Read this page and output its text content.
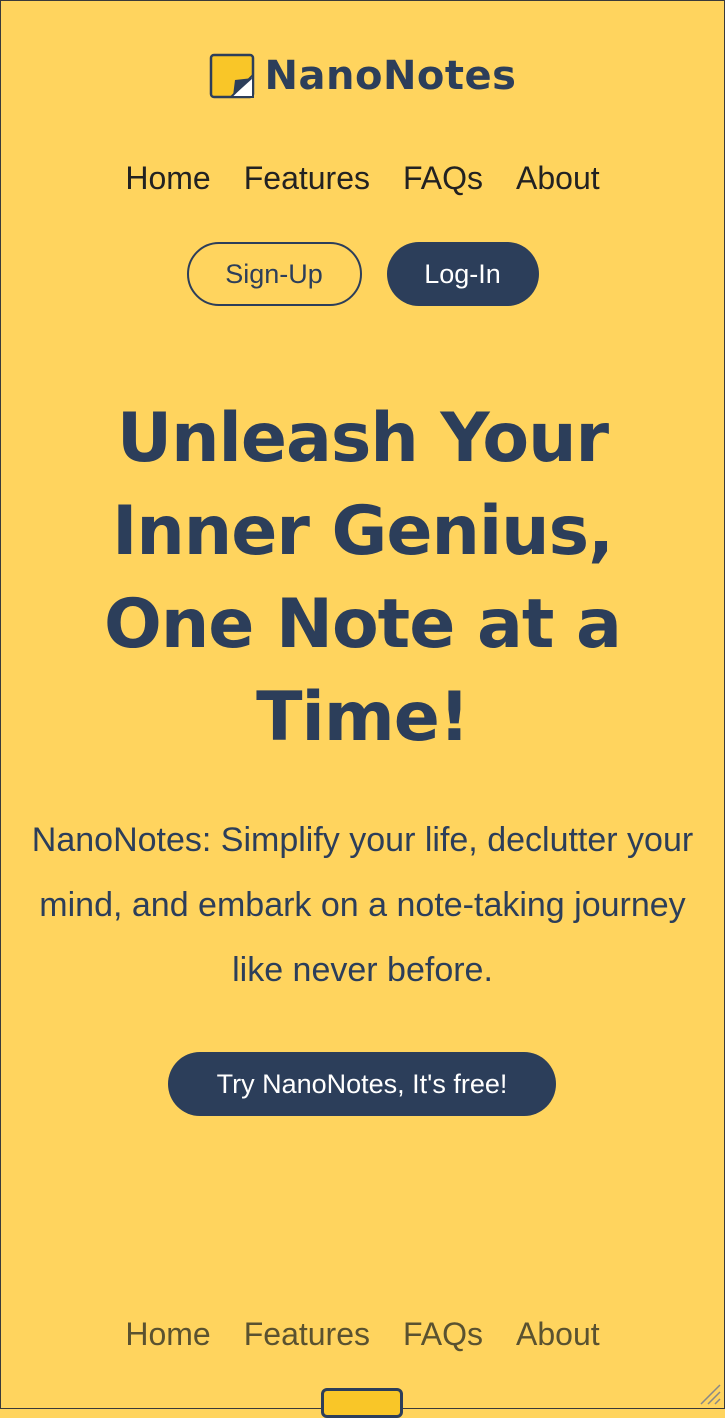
NanoNotes
Home Features FAQs About
Sign-Up	Log-In
Unleash Your Inner Genius, One Note at a Time!

NanoNotes: Simplify your life, declutter your mind, and embark on a note-taking journey like never before.

Try NanoNotes, It's free!
Home Features FAQs About
